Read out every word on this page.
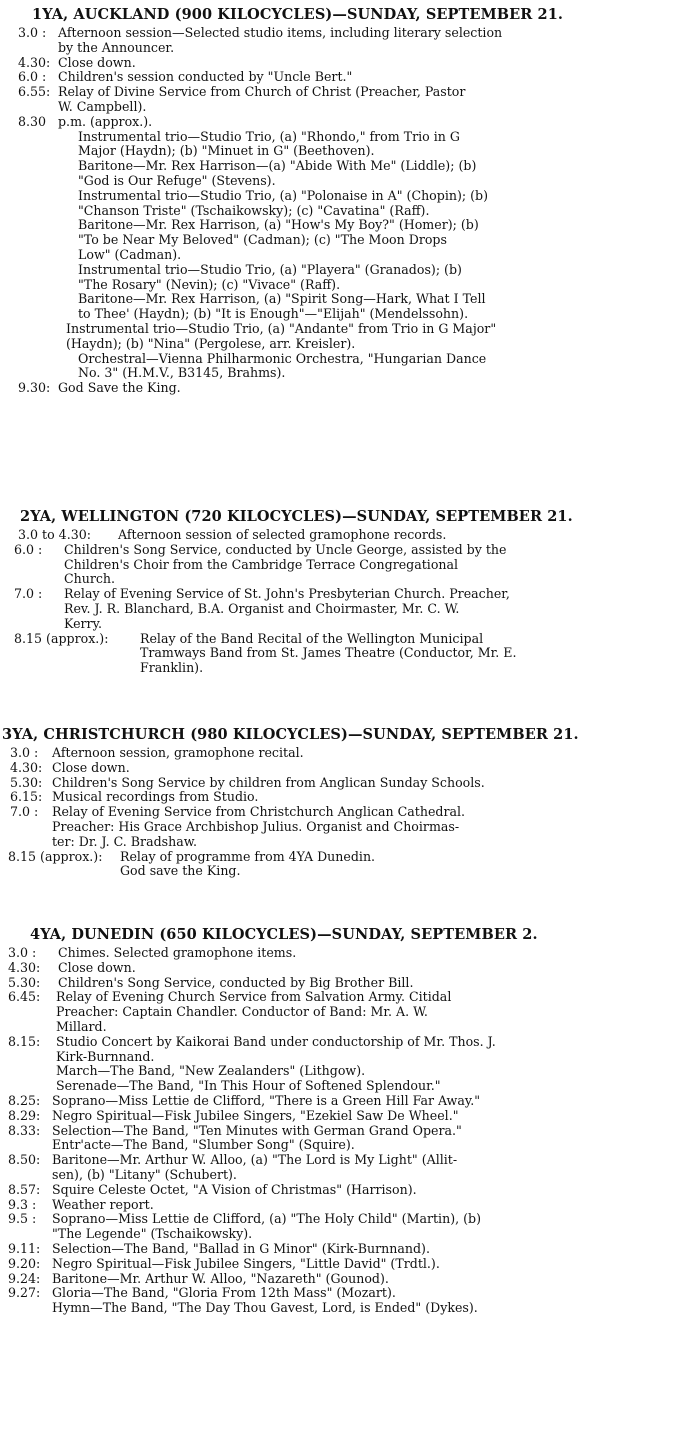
1YA, AUCKLAND (900 KILOCYCLES)—SUNDAY, SEPTEMBER 21.
3.0 : Afternoon session—Selected studio items, including literary selection
by the Announcer.
4.30: Close down.
6.0 : Children's session conducted by "Uncle Bert."
6.55: Relay of Divine Service from Church of Christ (Preacher, Pastor
W. Campbell).
8.30 p.m. (approx.).
Instrumental trio—Studio Trio, (a) "Rhondo," from Trio in G
Major (Haydn); (b) "Minuet in G" (Beethoven).
Baritone—Mr. Rex Harrison—(a) "Abide With Me" (Liddle); (b)
"God is Our Refuge" (Stevens).
Instrumental trio—Studio Trio, (a) "Polonaise in A" (Chopin); (b)
"Chanson Triste" (Tschaikowsky); (c) "Cavatina" (Raff).
Baritone—Mr. Rex Harrison, (a) "How's My Boy?" (Homer); (b)
"To be Near My Beloved" (Cadman); (c) "The Moon Drops
Low" (Cadman).
Instrumental trio—Studio Trio, (a) "Playera" (Granados); (b)
"The Rosary" (Nevin); (c) "Vivace" (Raff).
Baritone—Mr. Rex Harrison, (a) "Spirit Song—Hark, What I Tell
to Thee' (Haydn); (b) "It is Enough"—"Elijah" (Mendelssohn).
Instrumental trio—Studio Trio, (a) "Andante" from Trio in G Major"
(Haydn); (b) "Nina" (Pergolese, arr. Kreisler).
Orchestral—Vienna Philharmonic Orchestra, "Hungarian Dance
No. 3" (H.M.V., B3145, Brahms).
9.30: God Save the King.
2YA, WELLINGTON (720 KILOCYCLES)—SUNDAY, SEPTEMBER 21.
3.0 to 4.30:	Afternoon session of selected gramophone records.
6.0 :	Children's Song Service, conducted by Uncle George, assisted by the
Children's Choir from the Cambridge Terrace Congregational
Church.
7.0 :	Relay of Evening Service of St. John's Presbyterian Church. Preacher,
Rev. J. R. Blanchard, B.A. Organist and Choirmaster, Mr. C. W.
Kerry.
8.15 (approx.):	Relay of the Band Recital of the Wellington Municipal
Tramways Band from St. James Theatre (Conductor, Mr. E.
Franklin).
3YA, CHRISTCHURCH (980 KILOCYCLES)—SUNDAY, SEPTEMBER 21.
3.0 :	Afternoon session, gramophone recital.
4.30: Close down.
5.30: Children's Song Service by children from Anglican Sunday Schools.
6.15: Musical recordings from Studio.
7.0 :	Relay of Evening Service from Christchurch Anglican Cathedral.
Preacher: His Grace Archbishop Julius. Organist and Choirmas-
ter: Dr. J. C. Bradshaw.
8.15 (approx.):	Relay of programme from 4YA Dunedin.
God save the King.
4YA, DUNEDIN (650 KILOCYCLES)—SUNDAY, SEPTEMBER 2.
3.0 :	Chimes. Selected gramophone items.
4.30:	Close down.
5.30:	Children's Song Service, conducted by Big Brother Bill.
6.45:	Relay of Evening Church Service from Salvation Army. Citidal
Preacher: Captain Chandler. Conductor of Band: Mr. A. W.
Millard.
8.15:	Studio Concert by Kaikorai Band under conductorship of Mr. Thos. J.
Kirk-Burnnand.
March—The Band, "New Zealanders" (Lithgow).
Serenade—The Band, "In This Hour of Softened Splendour."
8.25: Soprano—Miss Lettie de Clifford, "There is a Green Hill Far Away."
8.29: Negro Spiritual—Fisk Jubilee Singers, "Ezekiel Saw De Wheel."
8.33: Selection—The Band, "Ten Minutes with German Grand Opera."
Entr'acte—The Band, "Slumber Song" (Squire).
8.50: Baritone—Mr. Arthur W. Alloo, (a) "The Lord is My Light" (Allit-
sen), (b) "Litany" (Schubert).
8.57: Squire Celeste Octet, "A Vision of Christmas" (Harrison).
9.3 :	Weather report.
9.5 :	Soprano—Miss Lettie de Clifford, (a) "The Holy Child" (Martin), (b)
"The Legende" (Tschaikowsky).
9.11: Selection—The Band, "Ballad in G Minor" (Kirk-Burnnand).
9.20: Negro Spiritual—Fisk Jubilee Singers, "Little David" (Trdtl.).
9.24: Baritone—Mr. Arthur W. Alloo, "Nazareth" (Gounod).
9.27: Gloria—The Band, "Gloria From 12th Mass" (Mozart).
Hymn—The Band, "The Day Thou Gavest, Lord, is Ended" (Dykes).
